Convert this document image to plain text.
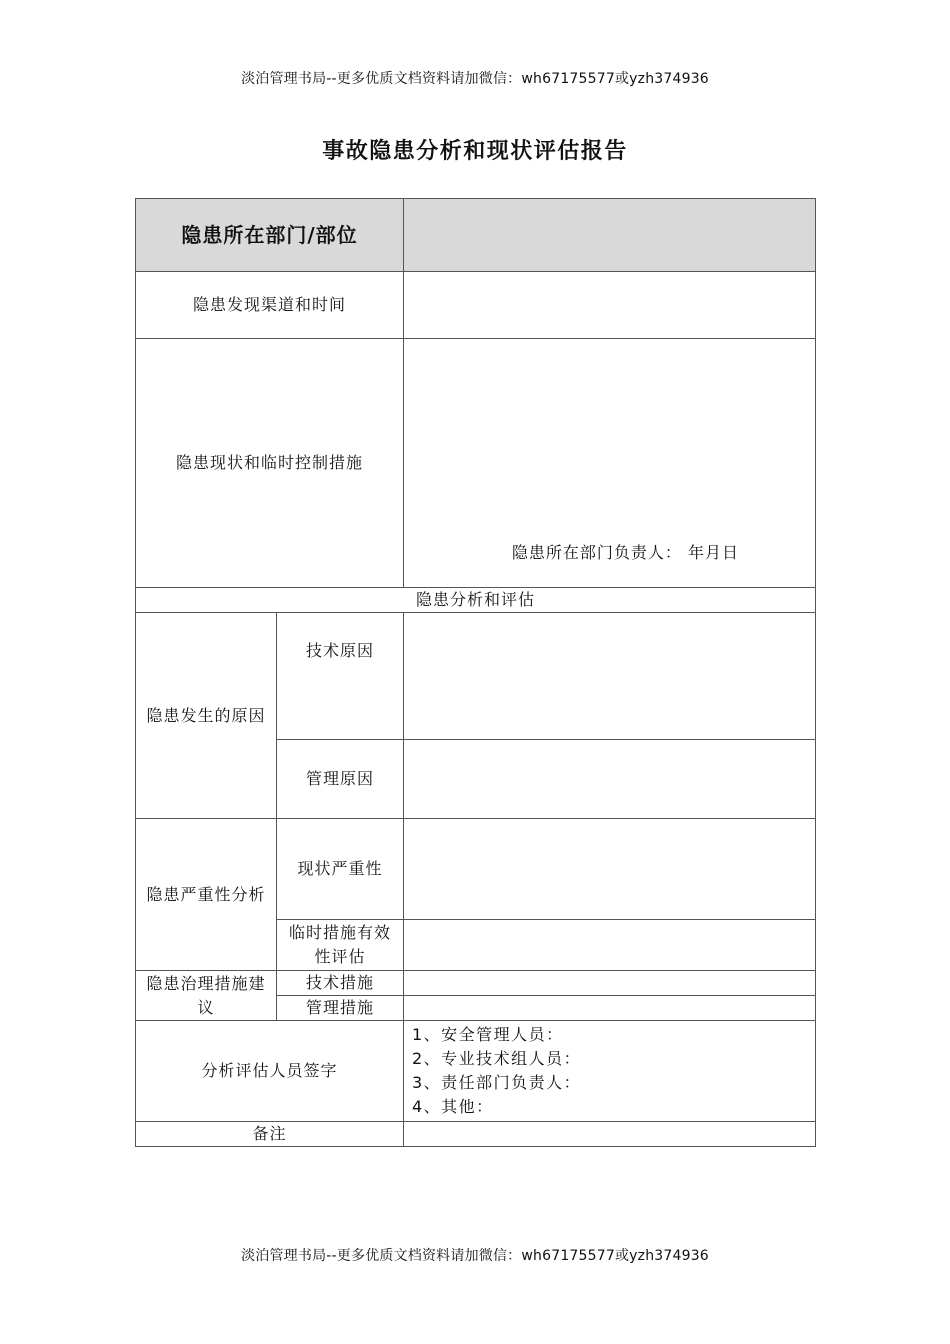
淡泊管理书局--更多优质文档资料请加微信：wh67175577或yzh374936
事故隐患分析和现状评估报告
隐患所在部门/部位		
隐患发现渠道和时间		
隐患现状和临时控制措施		隐患所在部门负责人： 年月日

隐患分析和评估		
隐患发生的原因	技术原因	
	管理原因	
隐患严重性分析	现状严重性	
	临时措施有效性评估	
隐患治理措施建议	技术措施	
	管理措施	
分析评估人员签字		1、安全管理人员：
2、专业技术组人员：
3、责任部门负责人：
4、其他：

备注		
淡泊管理书局--更多优质文档资料请加微信：wh67175577或yzh374936
